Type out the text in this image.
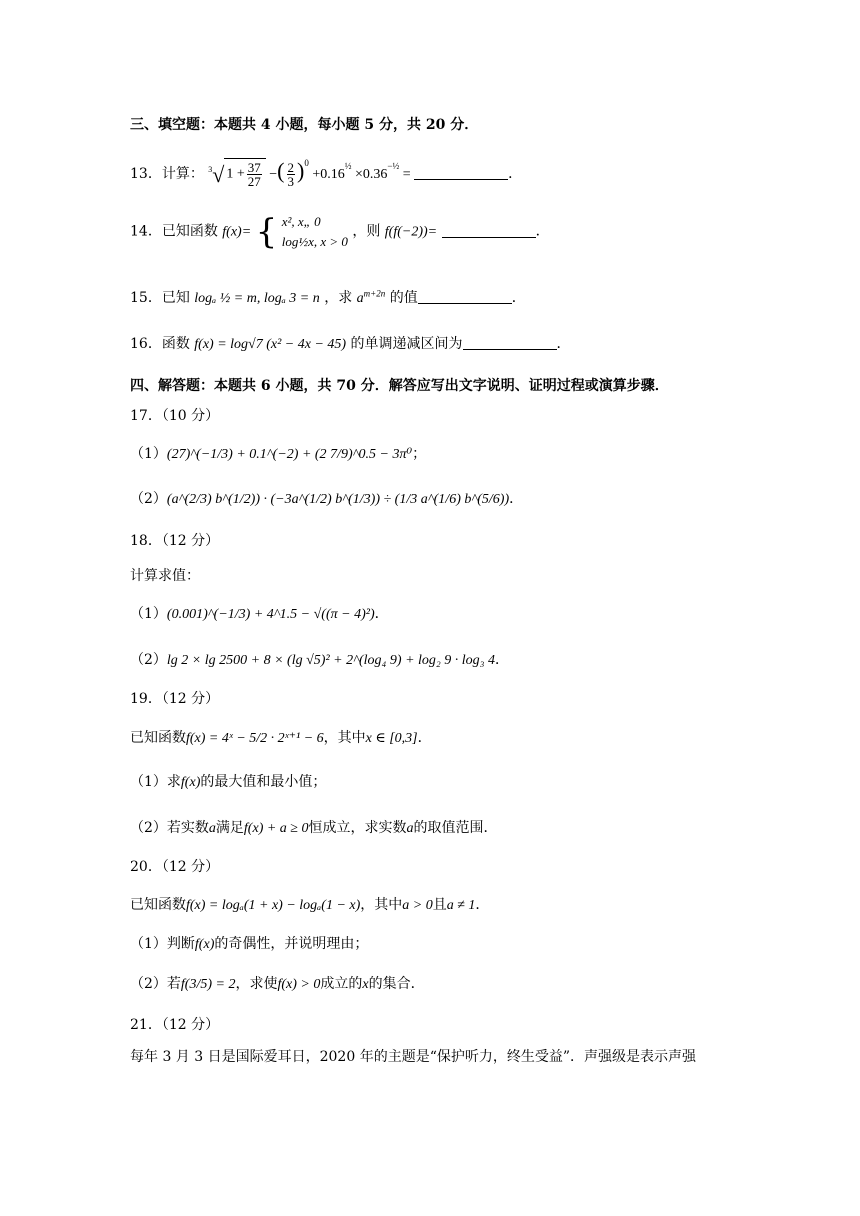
三、填空题：本题共 4 小题，每小题 5 分，共 20 分．
13．计算： $^3$√ $1 + \frac{37}{27}$ −( $\frac{2}{3} )^0 +0.16^{\frac{1}{2}} \times 0.36^{-\frac{1}{2}}$ =	．
14．已知函数 f(x)= { x², x„ 0
log½x, x > 0
，则 f(f(−2))=	．
15．已知 logₐ ½ = m, logₐ 3 = n ，求 $a^{m+2n}$ 的值	．
16．函数 f(x) = log√7 (x² − 4x − 45) 的单调递减区间为	．
四、解答题：本题共 6 小题，共 70 分．解答应写出文字说明、证明过程或演算步骤．
17．（10 分）
（1）(27)^(−1/3) + 0.1^(−2) + (2 7/9)^0.5 − 3π⁰；
（2）(a^(2/3) b^(1/2)) · (−3a^(1/2) b^(1/3)) ÷ (1/3 a^(1/6) b^(5/6))．
18．（12 分）
计算求值：
（1）(0.001)^(−1/3) + 4^1.5 − √((π − 4)²)．
（2）lg 2 × lg 2500 + 8 × (lg √5)² + 2^(log₄ 9) + log₂ 9 · log₃ 4．
19．（12 分）
已知函数f(x) = 4ˣ − 5/2 · 2ˣ⁺¹ − 6，其中x ∈ [0,3]．
（1）求f(x)的最大值和最小值；
（2）若实数a满足f(x) + a ≥ 0恒成立，求实数a的取值范围．
20．（12 分）
已知函数f(x) = logₐ(1 + x) − logₐ(1 − x)，其中a > 0且a ≠ 1．
（1）判断f(x)的奇偶性，并说明理由；
（2）若f(3/5) = 2，求使f(x) > 0成立的x的集合．
21．（12 分）
每年 3 月 3 日是国际爱耳日，2020 年的主题是“保护听力，终生受益”．声强级是表示声强
